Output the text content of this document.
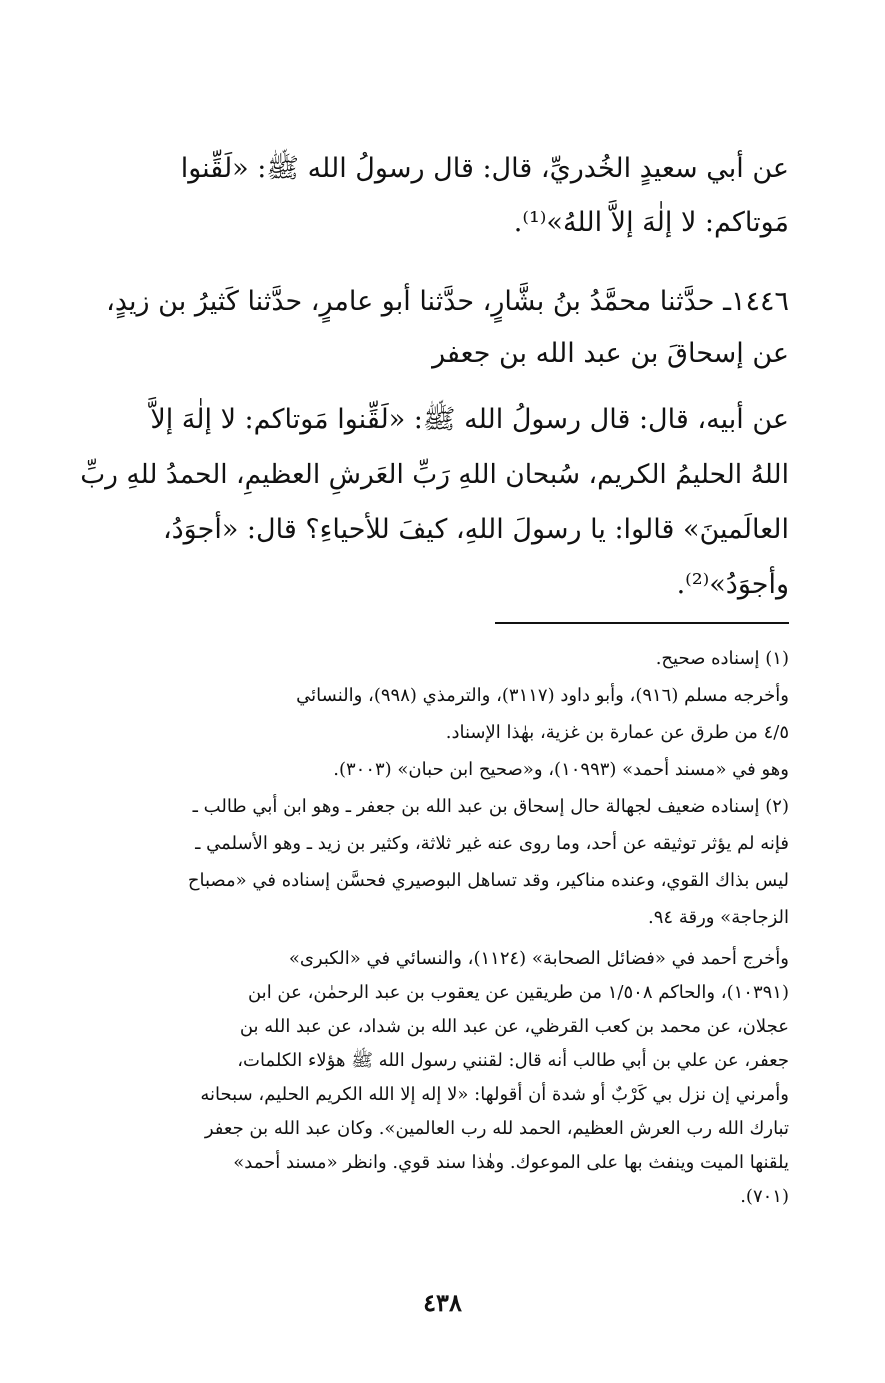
عن أبي سعيدٍ الخُدريِّ، قال: قال رسولُ الله ﷺ: «لَقِّنوا
مَوتاكم: لا إلٰهَ إلاَّ اللهُ»⁽¹⁾.
١٤٤٦ـ حدَّثنا محمَّدُ بنُ بشَّارٍ، حدَّثنا أبو عامرٍ، حدَّثنا كَثيرُ بن زيدٍ،
عن إسحاقَ بن عبد الله بن جعفر
عن أبيه، قال: قال رسولُ الله ﷺ: «لَقِّنوا مَوتاكم: لا إلٰهَ إلاَّ
اللهُ الحليمُ الكريم، سُبحان اللهِ رَبِّ العَرشِ العظيمِ، الحمدُ للهِ ربِّ
العالَمينَ» قالوا: يا رسولَ اللهِ، كيفَ للأحياءِ؟ قال: «أجوَدُ،
وأجوَدُ»⁽²⁾.
(١) إسناده صحيح.
وأخرجه مسلم (٩١٦)، وأبو داود (٣١١٧)، والترمذي (٩٩٨)، والنسائي
٤/٥ من طرق عن عمارة بن غزية، بهٰذا الإسناد.
وهو في «مسند أحمد» (١٠٩٩٣)، و«صحيح ابن حبان» (٣٠٠٣).
(٢) إسناده ضعيف لجهالة حال إسحاق بن عبد الله بن جعفر ـ وهو ابن أبي طالب ـ
فإنه لم يؤثر توثيقه عن أحد، وما روى عنه غير ثلاثة، وكثير بن زيد ـ وهو الأسلمي ـ
ليس بذاك القوي، وعنده مناكير، وقد تساهل البوصيري فحسَّن إسناده في «مصباح
الزجاجة» ورقة ٩٤.
وأخرج أحمد في «فضائل الصحابة» (١١٢٤)، والنسائي في «الكبرى»
(١٠٣٩١)، والحاكم ١/٥٠٨ من طريقين عن يعقوب بن عبد الرحمٰن، عن ابن
عجلان، عن محمد بن كعب القرظي، عن عبد الله بن شداد، عن عبد الله بن
جعفر، عن علي بن أبي طالب أنه قال: لقنني رسول الله ﷺ هؤلاء الكلمات،
وأمرني إن نزل بي كَرْبٌ أو شدة أن أقولها: «لا إله إلا الله الكريم الحليم، سبحانه
تبارك الله رب العرش العظيم، الحمد لله رب العالمين». وكان عبد الله بن جعفر
يلقنها الميت وينفث بها على الموعوك. وهٰذا سند قوي. وانظر «مسند أحمد»
(٧٠١).
٤٣٨
